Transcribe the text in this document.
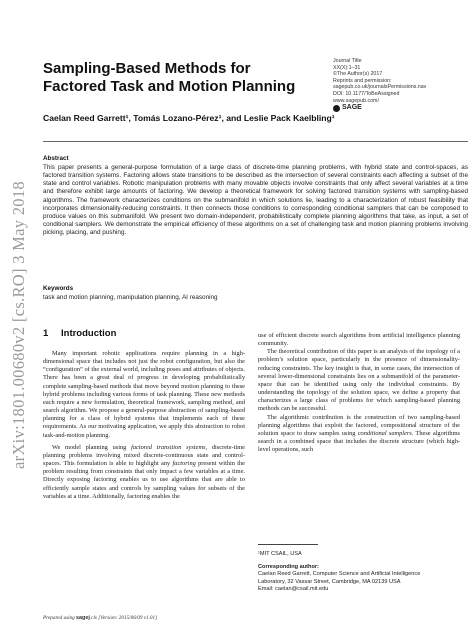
arXiv:1801.00680v2 [cs.RO] 3 May 2018
Sampling-Based Methods for Factored Task and Motion Planning
Journal Title
XX(X):1–31
©The Author(s) 2017
Reprints and permission:
sagepub.co.uk/journalsPermissions.nav
DOI: 10.1177/ToBeAssigned
www.sagepub.com/
SAGE
Caelan Reed Garrett¹, Tomás Lozano-Pérez¹, and Leslie Pack Kaelbling¹
Abstract
This paper presents a general-purpose formulation of a large class of discrete-time planning problems, with hybrid state and control-spaces, as factored transition systems. Factoring allows state transitions to be described as the intersection of several constraints each affecting a subset of the state and control variables. Robotic manipulation problems with many movable objects involve constraints that only affect several variables at a time and therefore exhibit large amounts of factoring. We develop a theoretical framework for solving factored transition systems with sampling-based algorithms. The framework characterizes conditions on the submanifold in which solutions lie, leading to a characterization of robust feasibility that incorporates dimensionality-reducing constraints. It then connects those conditions to corresponding conditional samplers that can be composed to produce values on this submanifold. We present two domain-independent, probabilistically complete planning algorithms that take, as input, a set of conditional samplers. We demonstrate the empirical efficiency of these algorithms on a set of challenging task and motion planning problems involving picking, placing, and pushing.
Keywords
task and motion planning, manipulation planning, AI reasoning
1 Introduction

Many important robotic applications require planning in a high-dimensional space that includes not just the robot configuration, but also the “configuration” of the external world, including poses and attributes of objects. There has been a great deal of progress in developing probabilistically complete sampling-based methods that move beyond motion planning to these hybrid problems including various forms of task planning. These new methods each require a new formulation, theoretical framework, sampling method, and search algorithm. We propose a general-purpose abstraction of sampling-based planning for a class of hybrid systems that implements each of these requirements. As our motivating application, we apply this abstraction to robot task-and-motion planning.

We model planning using factored transition systems, discrete-time planning problems involving mixed discrete-continuous state and control-spaces. This formulation is able to highlight any factoring present within the problem resulting from constraints that only impact a few variables at a time. Directly exposing factoring enables us to use algorithms that are able to efficiently sample states and controls by sampling values for subsets of the variables at a time. Additionally, factoring enables the

use of efficient discrete search algorithms from artificial intelligence planning community.

The theoretical contribution of this paper is an analysis of the topology of a problem’s solution space, particularly in the presence of dimensionality-reducing constraints. The key insight is that, in some cases, the intersection of several lower-dimensional constraints lies on a submanifold of the parameter-space that can be identified using only the individual constraints. By understanding the topology of the solution space, we define a property that characterizes a large class of problems for which sampling-based planning methods can be successful.

The algorithmic contribution is the construction of two sampling-based planning algorithms that exploit the factored, compositional structure of the solution space to draw samples using conditional samplers. These algorithms search in a combined space that includes the discrete structure (which high-level operations, such

¹MIT CSAIL, USA
Corresponding author:
Caelan Reed Garrett, Computer Science and Artificial Intelligence
Laboratory, 32 Vassar Street, Cambridge, MA 02139 USA
Email: caelan@csail.mit.edu
Prepared using sagej.cls [Version: 2015/06/09 v1.01]
